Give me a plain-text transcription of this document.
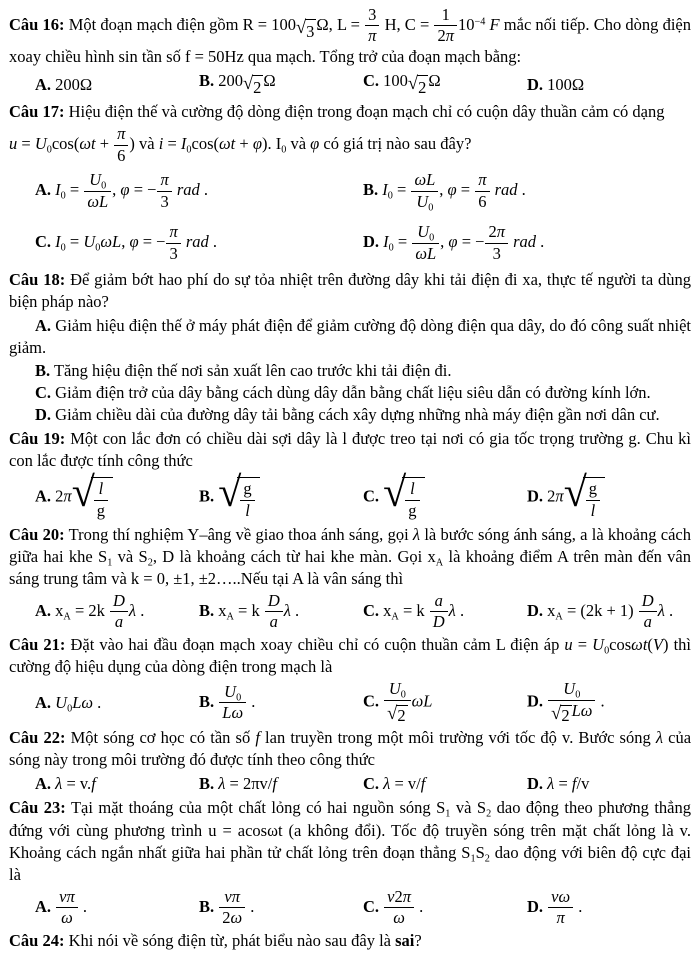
Câu 16: Một đoạn mạch điện gồm R = 100 √ 3 Ω, $L = \frac{3}{\pi} H$, $C = \frac{1}{2\pi} 10^{-4}$ F mắc nối tiếp. Cho dòng điện xoay chiều hình sin tần số f = 50Hz qua mạch. Tổng trở của đoạn mạch bằng:

A. 200Ω	B. 200 √ 2 Ω	C. 100 √ 2 Ω	D. 100Ω

Câu 17: Hiệu điện thế và cường độ dòng điện trong đoạn mạch chỉ có cuộn dây thuần cảm có dạng

$u = U_0\cos(\omega t + \frac{\pi}{6}$ ) và $i = I_0\cos(\omega t + \varphi)$. $I_0$ và φ có giá trị nào sau đây?

A. $I_0 = \frac{U_0}{\omega L}$ , φ = − $\frac{\pi}{3}$ rad .	B. $I_0 = \frac{\omega L}{U_0}$ , $\varphi = \frac{\pi}{6}$ rad .
C. $I_0 = U_0\omega L$, φ = − $\frac{\pi}{3}$ rad .	D. $I_0 = \frac{U_0}{\omega L}$ , φ = − $\frac{2\pi}{3}$ rad .

Câu 18: Để giảm bớt hao phí do sự tỏa nhiệt trên đường dây khi tải điện đi xa, thực tế người ta dùng biện pháp nào?

A. Giảm hiệu điện thế ở máy phát điện để giảm cường độ dòng điện qua dây, do đó công suất nhiệt giảm.

B. Tăng hiệu điện thế nơi sản xuất lên cao trước khi tải điện đi.

C. Giảm điện trở của dây bằng cách dùng dây dẫn bằng chất liệu siêu dẫn có đường kính lớn.

D. Giảm chiều dài của đường dây tải bằng cách xây dựng những nhà máy điện gần nơi dân cư.

Câu 19: Một con lắc đơn có chiều dài sợi dây là l được treo tại nơi có gia tốc trọng trường g. Chu kì con lắc được tính công thức

A. 2π √
$\frac{l}{g}$	B. √
$\frac{g}{l}$	C. √
$\frac{l}{g}$	D. 2π √
$\frac{g}{l}$

Câu 20: Trong thí nghiệm Y–âng về giao thoa ánh sáng, gọi λ là bước sóng ánh sáng, a là khoảng cách giữa hai khe $S_1$ và $S_2$, D là khoảng cách từ hai khe màn. Gọi $x_A$ là khoảng điểm A trên màn đến vân sáng trung tâm và k = 0, ±1, ±2…..Nếu tại A là vân sáng thì

A. $x_A = 2k \frac{D}{a}$ λ .	B. $x_A = k \frac{D}{a}$ λ .	C. $x_A = k \frac{a}{D}$ λ .	D. $x_A = (2k + 1) \frac{D}{a}$ λ .

Câu 21: Đặt vào hai đầu đoạn mạch xoay chiều chỉ có cuộn thuần cảm L điện áp $u = U_0\cos\omega t(V)$ thì cường độ hiệu dụng của dòng điện trong mạch là

A. $U_0L\omega$ .	B. $\frac{U_0}{L\omega}$ .	C. $\frac{U_0}{√ 2}$ ωL	D. $\frac{U_0}{√ 2 L\omega}$ .

Câu 22: Một sóng cơ học có tần số f lan truyền trong một môi trường với tốc độ v. Bước sóng λ của sóng này trong môi trường đó được tính theo công thức

A. λ = v.f	B. λ = 2πv/f	C. λ = v/f	D. λ = f/v

Câu 23: Tại mặt thoáng của một chất lỏng có hai nguồn sóng $S_1$ và $S_2$ dao động theo phương thẳng đứng với cùng phương trình u = acosωt (a không đổi). Tốc độ truyền sóng trên mặt chất lỏng là v. Khoảng cách ngắn nhất giữa hai phần tử chất lỏng trên đoạn thẳng $S_1S_2$ dao động với biên độ cực đại là

A. $\frac{v\pi}{\omega}$ .	B. $\frac{v\pi}{2\omega}$ .	C. $\frac{v2\pi}{\omega}$ .	D. $\frac{v\omega}{\pi}$ .

Câu 24: Khi nói về sóng điện từ, phát biểu nào sau đây là sai?
